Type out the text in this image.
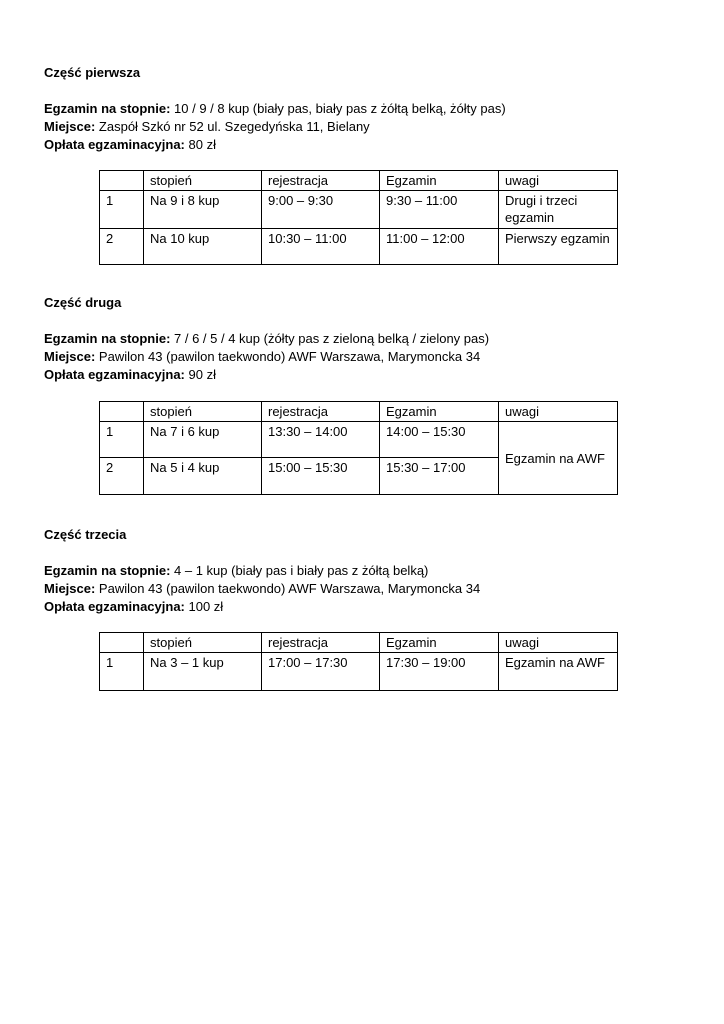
Część pierwsza
Egzamin na stopnie: 10 / 9 / 8 kup (biały pas, biały pas z żółtą belką, żółty pas)
Miejsce: Zaspół Szkó nr 52 ul. Szegedyńska 11, Bielany
Opłata egzaminacyjna: 80 zł
	stopień	rejestracja	Egzamin	uwagi
1	Na 9 i 8 kup	9:00 – 9:30	9:30 – 11:00	Drugi i trzeci egzamin
2	Na 10 kup	10:30 – 11:00	11:00 – 12:00	Pierwszy egzamin
Część druga
Egzamin na stopnie: 7 / 6 / 5 / 4 kup (żółty pas z zieloną belką / zielony pas)
Miejsce: Pawilon 43 (pawilon taekwondo) AWF Warszawa, Marymoncka 34
Opłata egzaminacyjna: 90 zł
	stopień	rejestracja	Egzamin	uwagi
1	Na 7 i 6 kup	13:30 – 14:00	14:00 – 15:30	Egzamin na AWF
2	Na 5 i 4 kup	15:00 – 15:30	15:30 – 17:00	
Część trzecia
Egzamin na stopnie: 4 – 1 kup (biały pas i biały pas z żółtą belką)
Miejsce: Pawilon 43 (pawilon taekwondo) AWF Warszawa, Marymoncka 34
Opłata egzaminacyjna: 100 zł
	stopień	rejestracja	Egzamin	uwagi
1	Na 3 – 1 kup	17:00 – 17:30	17:30 – 19:00	Egzamin na AWF
